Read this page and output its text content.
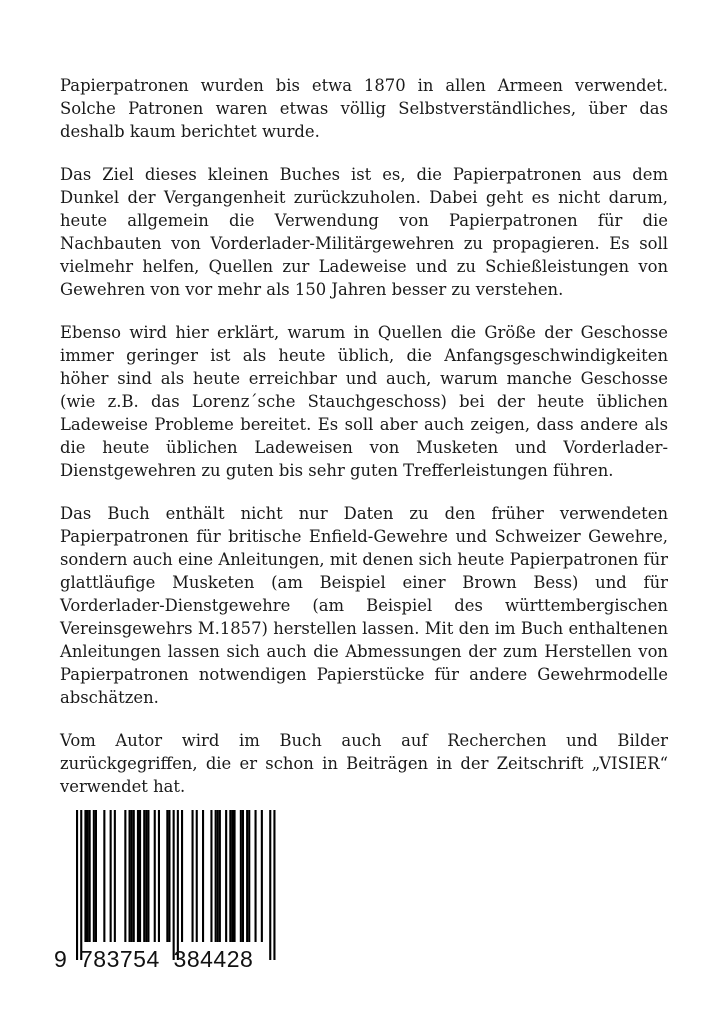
Papierpatronen wurden bis etwa 1870 in allen Armeen verwendet. Solche Patronen waren etwas völlig Selbstverständliches, über das deshalb kaum berichtet wurde.

Das Ziel dieses kleinen Buches ist es, die Papierpatronen aus dem Dunkel der Vergangenheit zurückzuholen. Dabei geht es nicht darum, heute allgemein die Verwendung von Papierpatronen für die Nachbauten von Vorderlader-Militärgewehren zu propagieren. Es soll vielmehr helfen, Quellen zur Ladeweise und zu Schießleistungen von Gewehren von vor mehr als 150 Jahren besser zu verstehen.

Ebenso wird hier erklärt, warum in Quellen die Größe der Geschosse immer geringer ist als heute üblich, die Anfangsgeschwindigkeiten höher sind als heute erreichbar und auch, warum manche Geschosse (wie z.B. das Lorenz´sche Stauchgeschoss) bei der heute üblichen Ladeweise Probleme bereitet. Es soll aber auch zeigen, dass andere als die heute üblichen Ladeweisen von Musketen und Vorderlader-Dienstgewehren zu guten bis sehr guten Trefferleistungen führen.

Das Buch enthält nicht nur Daten zu den früher verwendeten Papierpatronen für britische Enfield-Gewehre und Schweizer Gewehre, sondern auch eine Anleitungen, mit denen sich heute Papierpatronen für glattläufige Musketen (am Beispiel einer Brown Bess) und für Vorderlader-Dienstgewehre (am Beispiel des württembergischen Vereinsgewehrs M.1857) herstellen lassen. Mit den im Buch enthaltenen Anleitungen lassen sich auch die Abmessungen der zum Herstellen von Papierpatronen notwendigen Papierstücke für andere Gewehrmodelle abschätzen.

Vom Autor wird im Buch auch auf Recherchen und Bilder zurückgegriffen, die er schon in Beiträgen in der Zeitschrift „VISIER“ verwendet hat.

9 783754 384428
